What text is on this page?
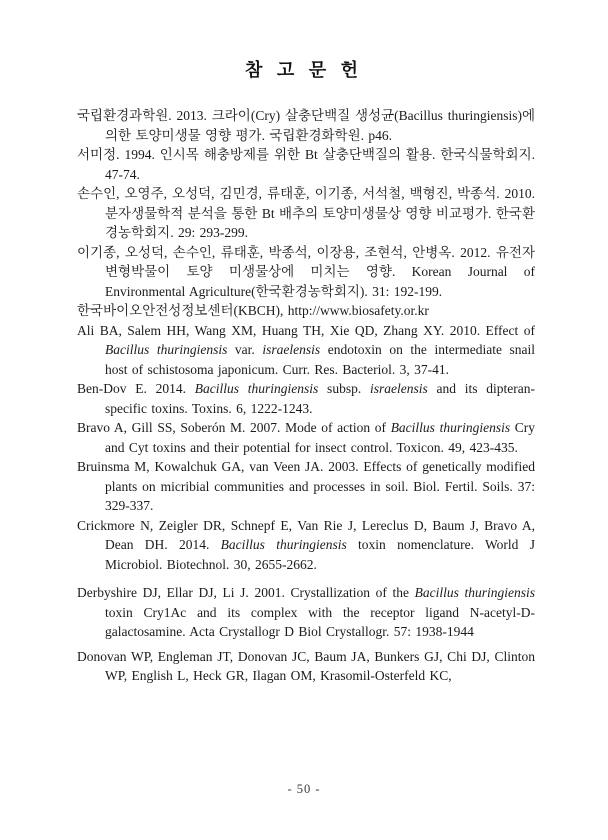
참 고 문 헌

국립환경과학원. 2013. 크라이(Cry) 살충단백질 생성균(Bacillus thuringiensis)에 의한 토양미생물 영향 평가. 국립환경화학원. p46.

서미정. 1994. 인시목 해충방제를 위한 Bt 살충단백질의 활용. 한국식물학회지. 47-74.

손수인, 오영주, 오성덕, 김민경, 류태훈, 이기종, 서석철, 백형진, 박종석. 2010. 분자생물학적 분석을 통한 Bt 배추의 토양미생물상 영향 비교평가. 한국환경농학회지. 29: 293-299.

이기종, 오성덕, 손수인, 류태훈, 박종석, 이장용, 조현석, 안병옥. 2012. 유전자변형박물이 토양 미생물상에 미치는 영향. Korean Journal of Environmental Agriculture(한국환경농학회지). 31: 192-199.

한국바이오안전성정보센터(KBCH), http://www.biosafety.or.kr

Ali BA, Salem HH, Wang XM, Huang TH, Xie QD, Zhang XY. 2010. Effect of Bacillus thuringiensis var. israelensis endotoxin on the intermediate snail host of schistosoma japonicum. Curr. Res. Bacteriol. 3, 37-41.

Ben-Dov E. 2014. Bacillus thuringiensis subsp. israelensis and its dipteran-specific toxins. Toxins. 6, 1222-1243.

Bravo A, Gill SS, Soberón M. 2007. Mode of action of Bacillus thuringiensis Cry and Cyt toxins and their potential for insect control. Toxicon. 49, 423-435.

Bruinsma M, Kowalchuk GA, van Veen JA. 2003. Effects of genetically modified plants on micribial communities and processes in soil. Biol. Fertil. Soils. 37: 329-337.

Crickmore N, Zeigler DR, Schnepf E, Van Rie J, Lereclus D, Baum J, Bravo A, Dean DH. 2014. Bacillus thuringiensis toxin nomenclature. World J Microbiol. Biotechnol. 30, 2655-2662.

Derbyshire DJ, Ellar DJ, Li J. 2001. Crystallization of the Bacillus thuringiensis toxin Cry1Ac and its complex with the receptor ligand N-acetyl-D- galactosamine. Acta Crystallogr D Biol Crystallogr. 57: 1938-1944

Donovan WP, Engleman JT, Donovan JC, Baum JA, Bunkers GJ, Chi DJ, Clinton WP, English L, Heck GR, Ilagan OM, Krasomil-Osterfeld KC,

- 50 -
